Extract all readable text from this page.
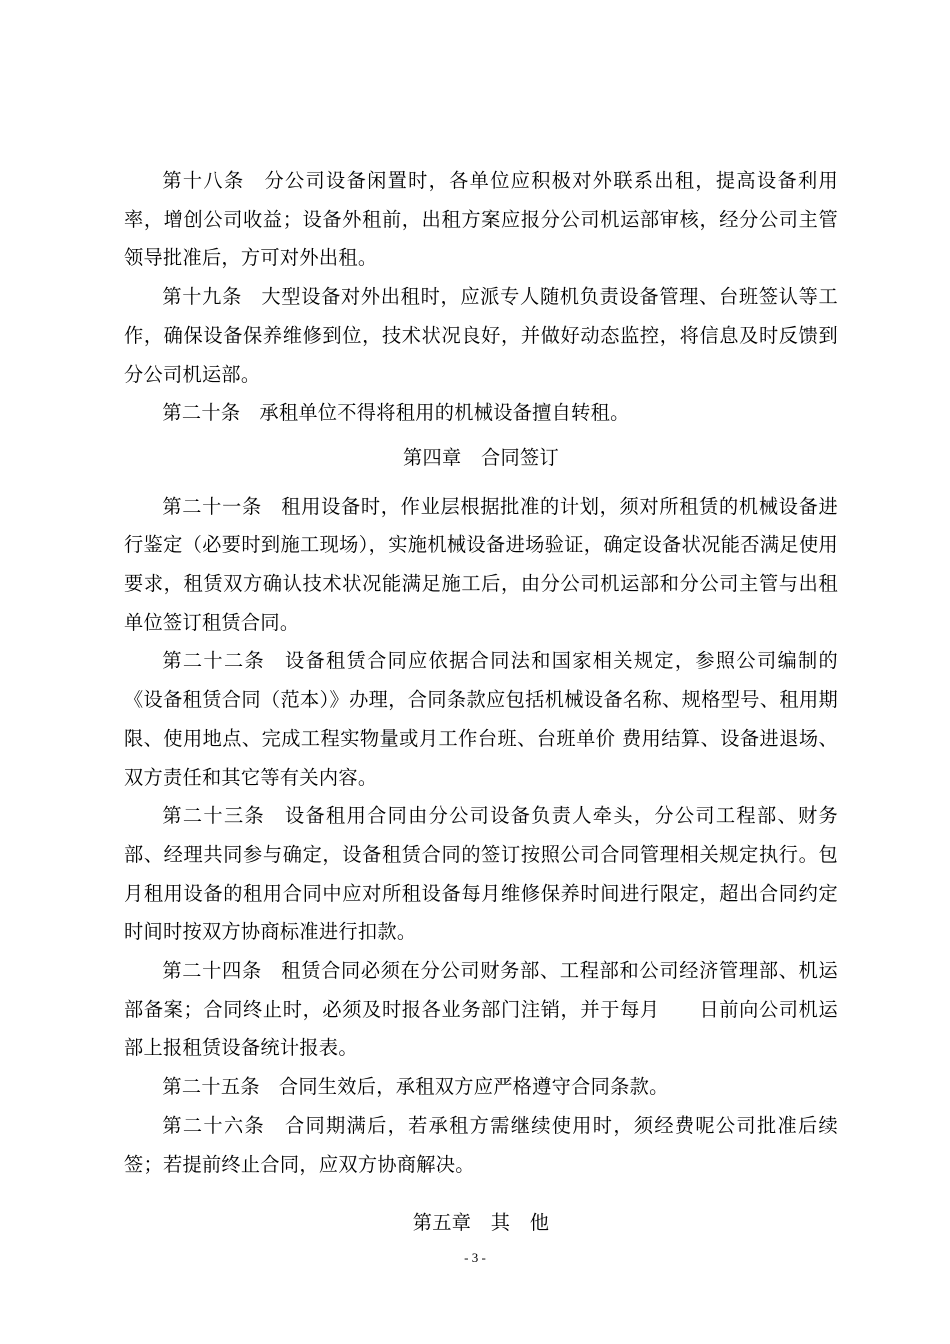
第十八条 分公司设备闲置时，各单位应积极对外联系出租，提高设备利用率，增创公司收益；设备外租前，出租方案应报分公司机运部审核，经分公司主管领导批准后，方可对外出租。

第十九条 大型设备对外出租时，应派专人随机负责设备管理、台班签认等工作，确保设备保养维修到位，技术状况良好，并做好动态监控，将信息及时反馈到分公司机运部。

第二十条 承租单位不得将租用的机械设备擅自转租。

第四章　合同签订

第二十一条 租用设备时，作业层根据批准的计划，须对所租赁的机械设备进行鉴定（必要时到施工现场），实施机械设备进场验证，确定设备状况能否满足使用要求，租赁双方确认技术状况能满足施工后，由分公司机运部和分公司主管与出租单位签订租赁合同。

第二十二条 设备租赁合同应依据合同法和国家相关规定，参照公司编制的《设备租赁合同（范本）》办理，合同条款应包括机械设备名称、规格型号、租用期限、使用地点、完成工程实物量或月工作台班、台班单价 费用结算、设备进退场、双方责任和其它等有关内容。

第二十三条 设备租用合同由分公司设备负责人牵头，分公司工程部、财务部、经理共同参与确定，设备租赁合同的签订按照公司合同管理相关规定执行。包月租用设备的租用合同中应对所租设备每月维修保养时间进行限定，超出合同约定时间时按双方协商标准进行扣款。

第二十四条 租赁合同必须在分公司财务部、工程部和公司经济管理部、机运部备案；合同终止时，必须及时报各业务部门注销，并于每月　　日前向公司机运部上报租赁设备统计报表。

第二十五条 合同生效后，承租双方应严格遵守合同条款。

第二十六条 合同期满后，若承租方需继续使用时，须经费呢公司批准后续签；若提前终止合同，应双方协商解决。

第五章　其　他

- 3 -
